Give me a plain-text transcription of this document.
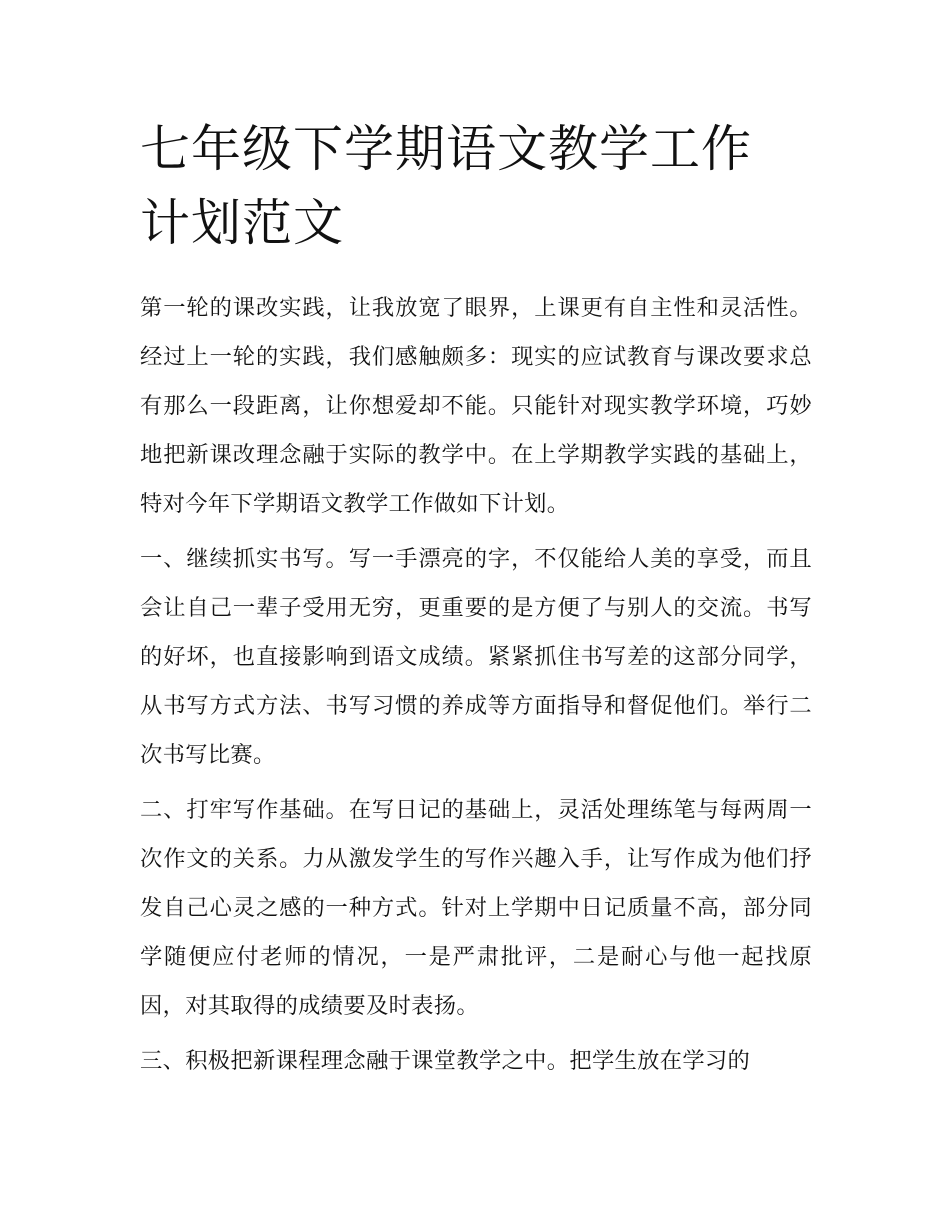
七年级下学期语文教学工作计划范文

第一轮的课改实践，让我放宽了眼界，上课更有自主性和灵活性。经过上一轮的实践，我们感触颇多：现实的应试教育与课改要求总有那么一段距离，让你想爱却不能。只能针对现实教学环境，巧妙地把新课改理念融于实际的教学中。在上学期教学实践的基础上，特对今年下学期语文教学工作做如下计划。

一、继续抓实书写。写一手漂亮的字，不仅能给人美的享受，而且会让自己一辈子受用无穷，更重要的是方便了与别人的交流。书写的好坏，也直接影响到语文成绩。紧紧抓住书写差的这部分同学，从书写方式方法、书写习惯的养成等方面指导和督促他们。举行二次书写比赛。

二、打牢写作基础。在写日记的基础上，灵活处理练笔与每两周一次作文的关系。力从激发学生的写作兴趣入手，让写作成为他们抒发自己心灵之感的一种方式。针对上学期中日记质量不高，部分同学随便应付老师的情况，一是严肃批评，二是耐心与他一起找原因，对其取得的成绩要及时表扬。

三、积极把新课程理念融于课堂教学之中。把学生放在学习的
